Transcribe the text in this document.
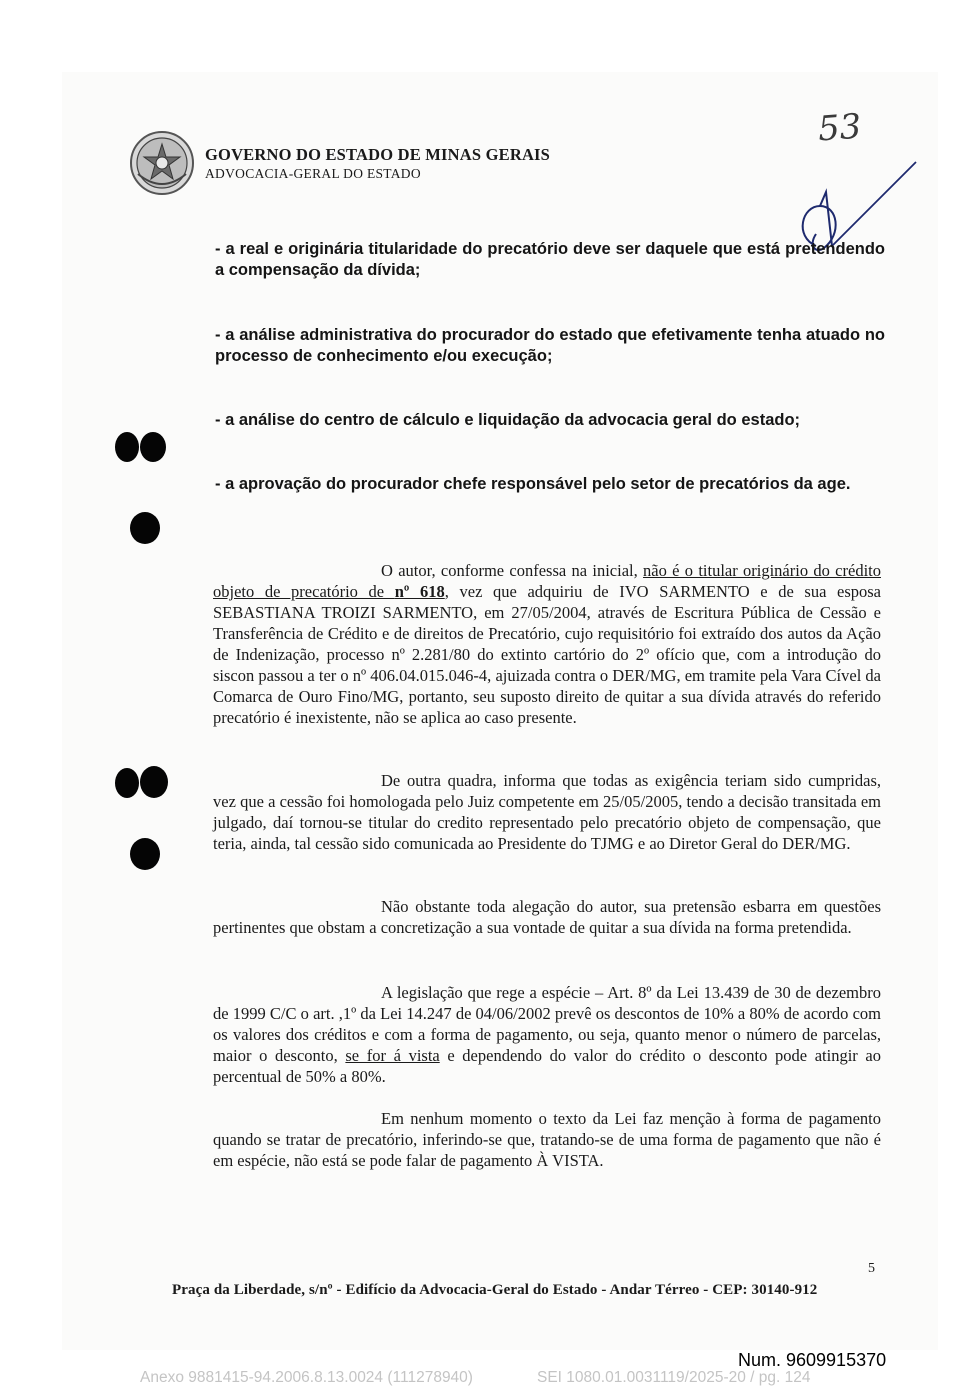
GOVERNO DO ESTADO DE MINAS GERAIS
ADVOCACIA-GERAL DO ESTADO
53
- a real e originária titularidade do precatório deve ser daquele que está pretendendo a compensação da dívida;
- a análise administrativa do procurador do estado que efetivamente tenha atuado no processo de conhecimento e/ou execução;
- a análise do centro de cálculo e liquidação da advocacia geral do estado;
- a aprovação do procurador chefe responsável pelo setor de precatórios da age.
O autor, conforme confessa na inicial, não é o titular originário do crédito objeto de precatório de nº 618, vez que adquiriu de IVO SARMENTO e de sua esposa SEBASTIANA TROIZI SARMENTO, em 27/05/2004, através de Escritura Pública de Cessão e Transferência de Crédito e de direitos de Precatório, cujo requisitório foi extraído dos autos da Ação de Indenização, processo nº 2.281/80 do extinto cartório do 2º ofício que, com a introdução do siscon passou a ter o nº 406.04.015.046-4, ajuizada contra o DER/MG, em tramite pela Vara Cível da Comarca de Ouro Fino/MG, portanto, seu suposto direito de quitar a sua dívida através do referido precatório é inexistente, não se aplica ao caso presente.
De outra quadra, informa que todas as exigência teriam sido cumpridas, vez que a cessão foi homologada pelo Juiz competente em 25/05/2005, tendo a decisão transitada em julgado, daí tornou-se titular do credito representado pelo precatório objeto de compensação, que teria, ainda, tal cessão sido comunicada ao Presidente do TJMG e ao Diretor Geral do DER/MG.
Não obstante toda alegação do autor, sua pretensão esbarra em questões pertinentes que obstam a concretização a sua vontade de quitar a sua dívida na forma pretendida.
A legislação que rege a espécie – Art. 8º da Lei 13.439 de 30 de dezembro de 1999 C/C o art. ,1º da Lei 14.247 de 04/06/2002 prevê os descontos de 10% a 80% de acordo com os valores dos créditos e com a forma de pagamento, ou seja, quanto menor o número de parcelas, maior o desconto, se for á vista e dependendo do valor do crédito o desconto pode atingir ao percentual de 50% a 80%.
Em nenhum momento o texto da Lei faz menção à forma de pagamento quando se tratar de precatório, inferindo-se que, tratando-se de uma forma de pagamento que não é em espécie, não está se pode falar de pagamento À VISTA.
5
Praça da Liberdade, s/nº - Edifício da Advocacia-Geral do Estado - Andar Térreo - CEP: 30140-912
Num. 9609915370
Anexo 9881415-94.2006.8.13.0024 (111278940)	SEI 1080.01.0031119/2025-20 / pg. 124
